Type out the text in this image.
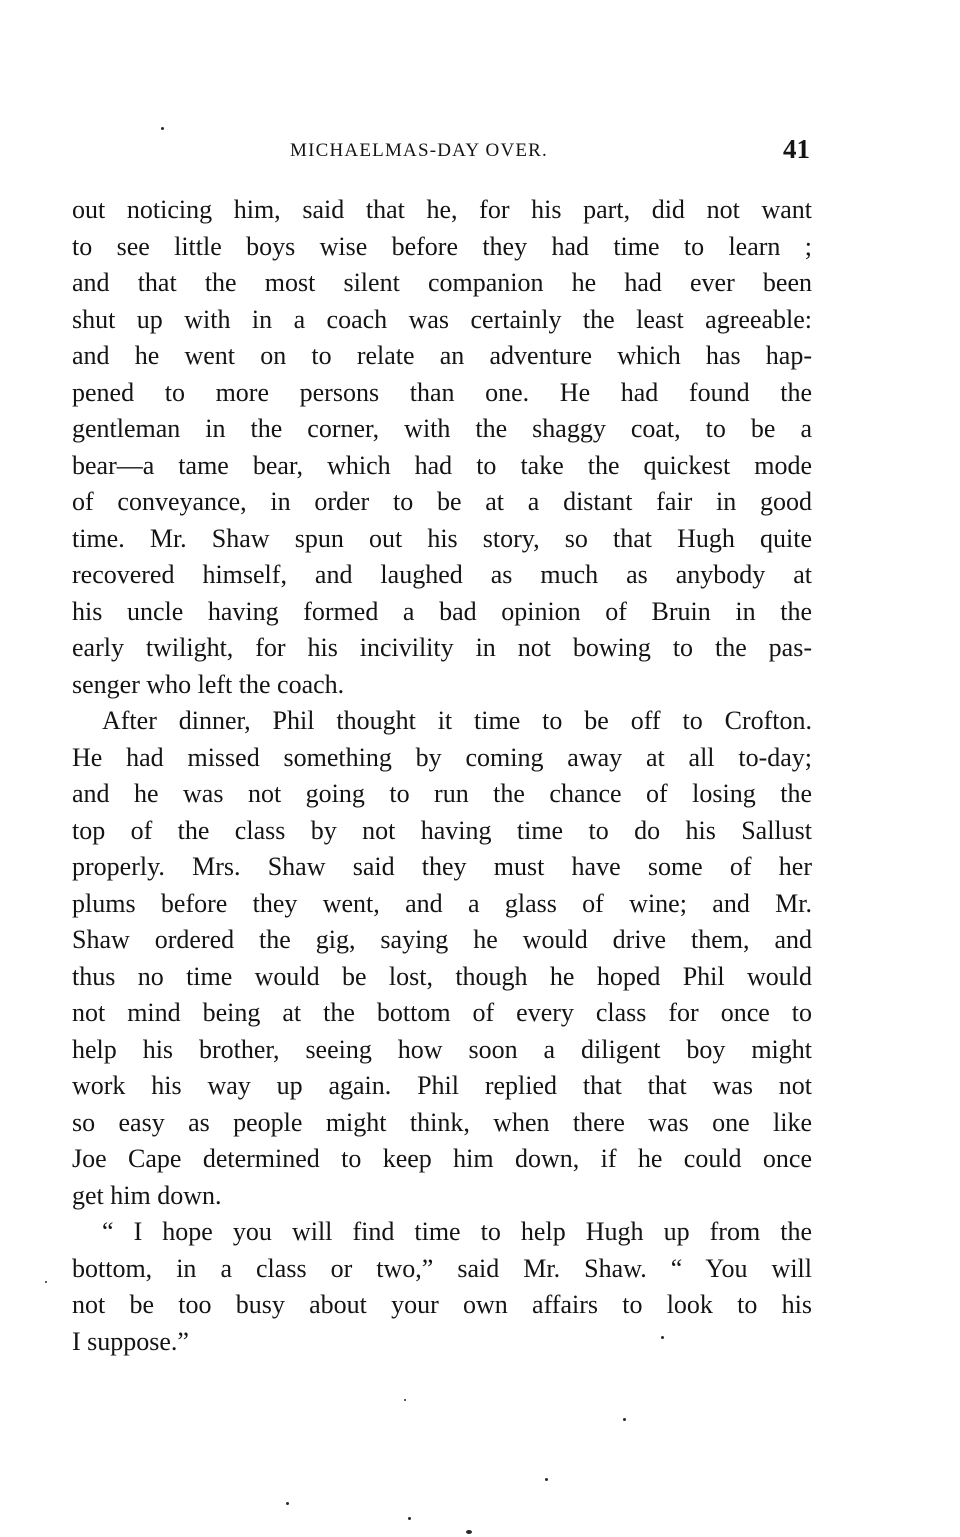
MICHAELMAS-DAY OVER.	41

out noticing him, said that he, for his part, did not want
to see little boys wise before they had time to learn ;
and that the most silent companion he had ever been
shut up with in a coach was certainly the least agreeable:
and he went on to relate an adventure which has hap-
pened to more persons than one. He had found the
gentleman in the corner, with the shaggy coat, to be a
bear—a tame bear, which had to take the quickest mode
of conveyance, in order to be at a distant fair in good
time. Mr. Shaw spun out his story, so that Hugh quite
recovered himself, and laughed as much as anybody at
his uncle having formed a bad opinion of Bruin in the
early twilight, for his incivility in not bowing to the pas-
senger who left the coach.

After dinner, Phil thought it time to be off to Crofton.
He had missed something by coming away at all to-day;
and he was not going to run the chance of losing the
top of the class by not having time to do his Sallust
properly. Mrs. Shaw said they must have some of her
plums before they went, and a glass of wine; and Mr.
Shaw ordered the gig, saying he would drive them, and
thus no time would be lost, though he hoped Phil would
not mind being at the bottom of every class for once to
help his brother, seeing how soon a diligent boy might
work his way up again. Phil replied that that was not
so easy as people might think, when there was one like
Joe Cape determined to keep him down, if he could once
get him down.

“ I hope you will find time to help Hugh up from the
bottom, in a class or two,” said Mr. Shaw. “ You will
not be too busy about your own affairs to look to his
I suppose.”
